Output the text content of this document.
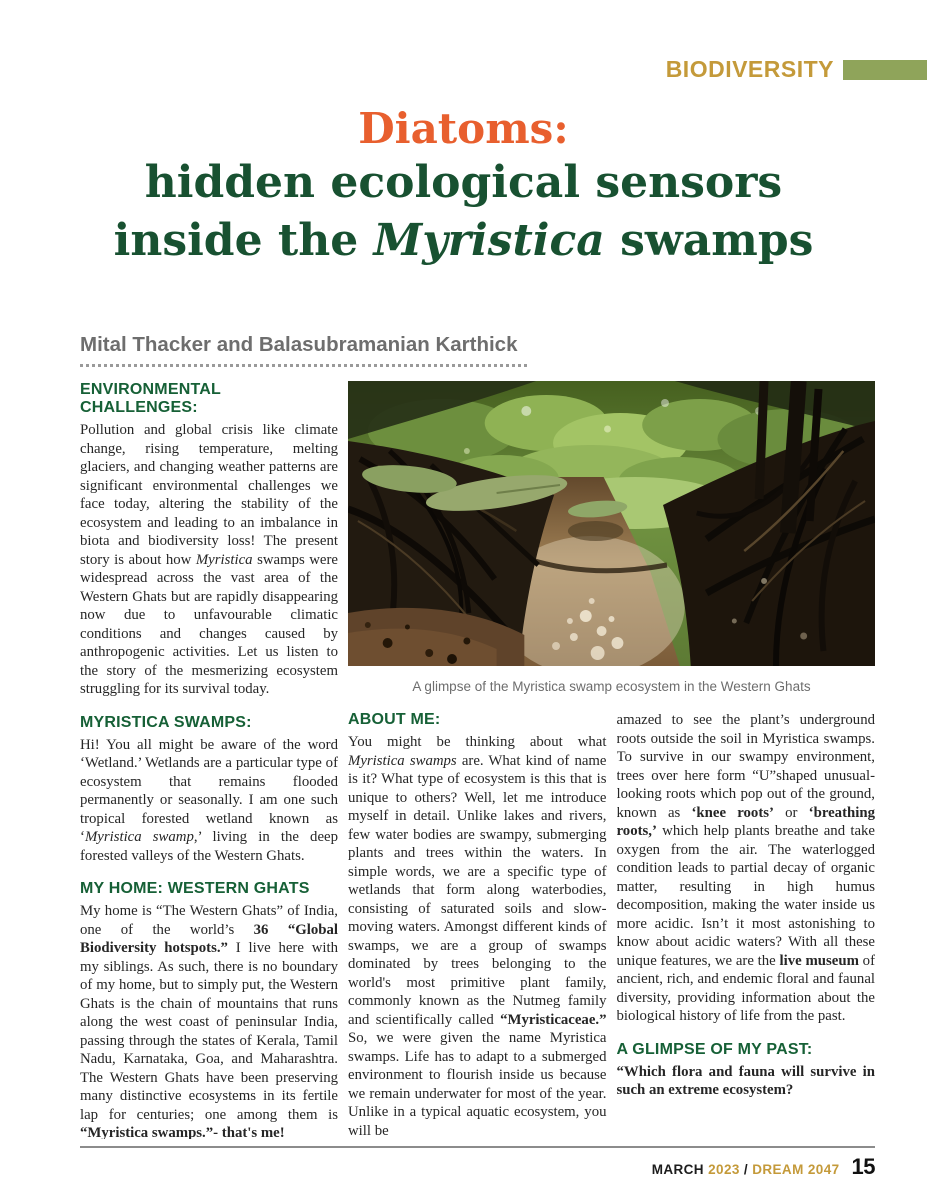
BIODIVERSITY
Diatoms:
hidden ecological sensors
inside the Myristica swamps
Mital Thacker and Balasubramanian Karthick
ENVIRONMENTAL CHALLENGES:
Pollution and global crisis like climate change, rising temperature, melting glaciers, and changing weather patterns are significant environmental challenges we face today, altering the stability of the ecosystem and leading to an imbalance in biota and biodiversity loss! The present story is about how Myristica swamps were widespread across the vast area of the Western Ghats but are rapidly disappearing now due to unfavourable climatic conditions and changes caused by anthropogenic activities. Let us listen to the story of the mesmerizing ecosystem struggling for its survival today.
MYRISTICA SWAMPS:
Hi! You all might be aware of the word ‘Wetland.’ Wetlands are a particular type of ecosystem that remains flooded permanently or seasonally. I am one such tropical forested wetland known as ‘Myristica swamp,’ living in the deep forested valleys of the Western Ghats.
MY HOME: WESTERN GHATS
My home is “The Western Ghats” of India, one of the world’s 36 “Global Biodiversity hotspots.” I live here with my siblings. As such, there is no boundary of my home, but to simply put, the Western Ghats is the chain of mountains that runs along the west coast of peninsular India, passing through the states of Kerala, Tamil Nadu, Karnataka, Goa, and Maharashtra. The Western Ghats have been preserving many distinctive ecosystems in its fertile lap for centuries; one among them is “Myristica swamps.”- that's me!
A glimpse of the Myristica swamp ecosystem in the Western Ghats
ABOUT ME:
You might be thinking about what Myristica swamps are. What kind of name is it? What type of ecosystem is this that is unique to others? Well, let me introduce myself in detail. Unlike lakes and rivers, few water bodies are swampy, submerging plants and trees within the waters. In simple words, we are a specific type of wetlands that form along waterbodies, consisting of saturated soils and slow-moving waters. Amongst different kinds of swamps, we are a group of swamps dominated by trees belonging to the world's most primitive plant family, commonly known as the Nutmeg family and scientifically called “Myristicaceae.” So, we were given the name Myristica swamps. Life has to adapt to a submerged environment to flourish inside us because we remain underwater for most of the year. Unlike in a typical aquatic ecosystem, you will be
amazed to see the plant’s underground roots outside the soil in Myristica swamps. To survive in our swampy environment, trees over here form “U”shaped unusual-looking roots which pop out of the ground, known as ‘knee roots’ or ‘breathing roots,’ which help plants breathe and take oxygen from the air. The waterlogged condition leads to partial decay of organic matter, resulting in high humus decomposition, making the water inside us more acidic. Isn’t it most astonishing to know about acidic waters? With all these unique features, we are the live museum of ancient, rich, and endemic floral and faunal diversity, providing information about the biological history of life from the past.
A GLIMPSE OF MY PAST:
“Which flora and fauna will survive in such an extreme ecosystem?
MARCH 2023 / DREAM 2047 15
